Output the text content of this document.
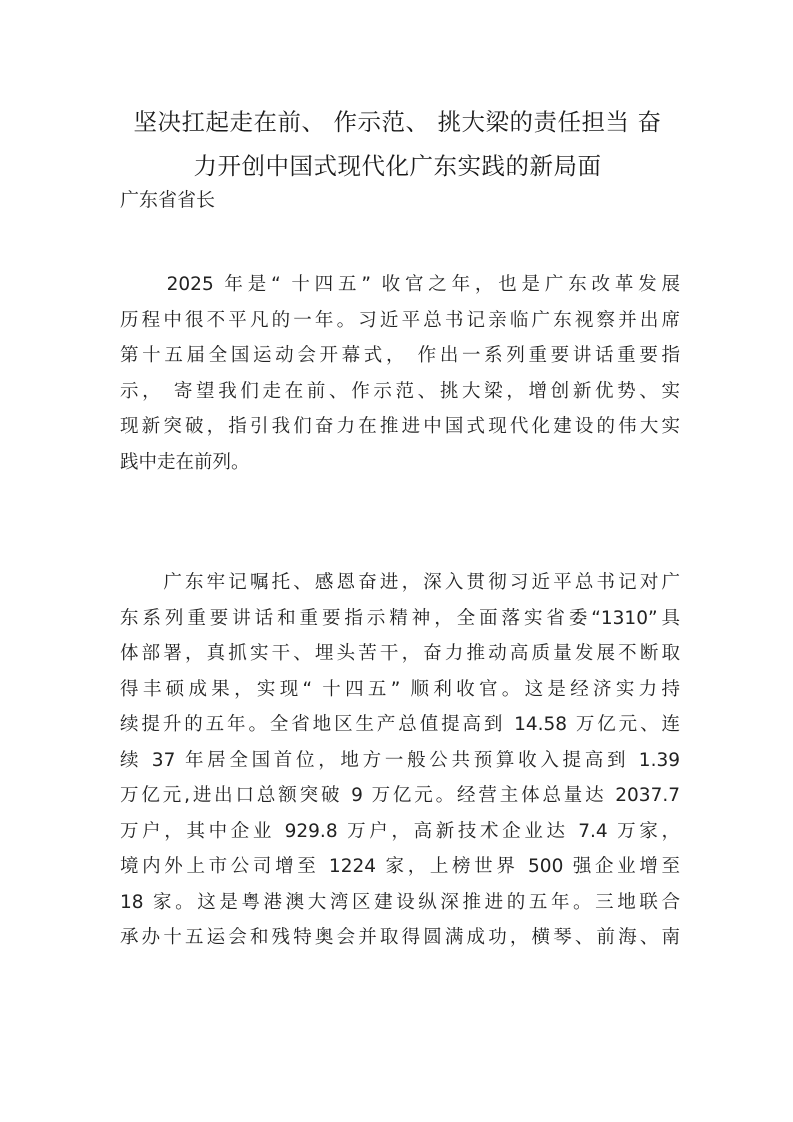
坚决扛起走在前、 作示范、 挑大梁的责任担当 奋
力开创中国式现代化广东实践的新局面
广东省省长

　　2025 年是“ 十四五” 收官之年，也是广东改革发展
历程中很不平凡的一年。习近平总书记亲临广东视察并出席
第十五届全国运动会开幕式， 作出一系列重要讲话重要指
示， 寄望我们走在前、作示范、挑大梁，增创新优势、实
现新突破，指引我们奋力在推进中国式现代化建设的伟大实
践中走在前列。

　　广东牢记嘱托、感恩奋进，深入贯彻习近平总书记对广
东系列重要讲话和重要指示精神，全面落实省委“1310”具
体部署，真抓实干、埋头苦干，奋力推动高质量发展不断取
得丰硕成果，实现“ 十四五” 顺利收官。这是经济实力持
续提升的五年。全省地区生产总值提高到 14.58 万亿元、连
续 37 年居全国首位，地方一般公共预算收入提高到 1.39
万亿元,进出口总额突破 9 万亿元。经营主体总量达 2037.7
万户，其中企业 929.8 万户，高新技术企业达 7.4 万家，
境内外上市公司增至 1224 家，上榜世界 500 强企业增至
18 家。这是粤港澳大湾区建设纵深推进的五年。三地联合
承办十五运会和残特奥会并取得圆满成功，横琴、前海、南
